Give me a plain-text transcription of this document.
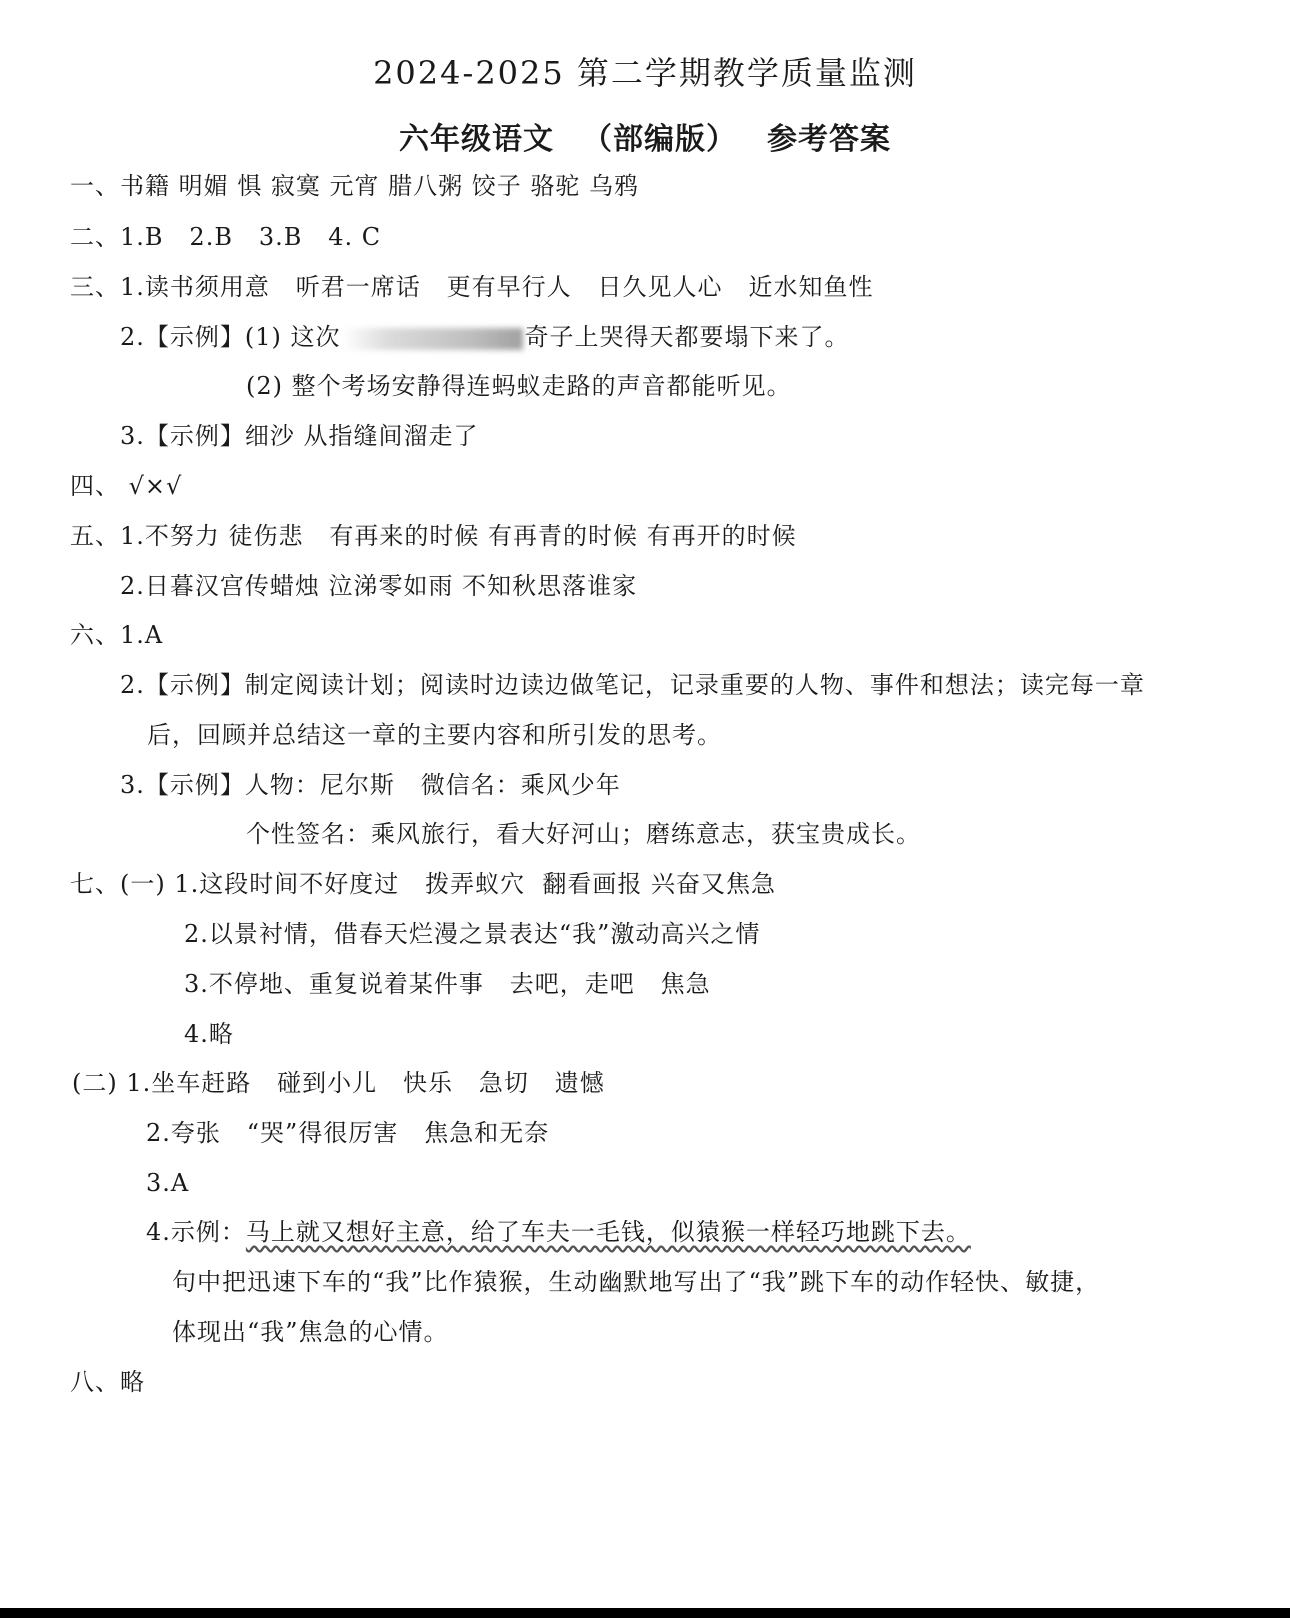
2024-2025 第二学期教学质量监测
六年级语文 （部编版） 参考答案
一、书籍 明媚 惧 寂寞 元宵 腊八粥 饺子 骆驼 乌鸦
二、1.B   2.B   3.B   4. C
三、1.读书须用意   听君一席话   更有早行人   日久见人心   近水知鱼性
2.【示例】(1) 这次	奇子上哭得天都要塌下来了。
(2) 整个考场安静得连蚂蚁走路的声音都能听见。
3.【示例】细沙 从指缝间溜走了
四、 √×√
五、1.不努力 徒伤悲   有再来的时候 有再青的时候 有再开的时候
2.日暮汉宫传蜡烛 泣涕零如雨 不知秋思落谁家
六、1.A
2.【示例】制定阅读计划；阅读时边读边做笔记，记录重要的人物、事件和想法；读完每一章
后，回顾并总结这一章的主要内容和所引发的思考。
3.【示例】人物：尼尔斯   微信名：乘风少年
个性签名：乘风旅行，看大好河山；磨练意志，获宝贵成长。
七、(一) 1.这段时间不好度过   拨弄蚁穴  翻看画报 兴奋又焦急
2.以景衬情，借春天烂漫之景表达“我”激动高兴之情
3.不停地、重复说着某件事   去吧，走吧   焦急
4.略
(二) 1.坐车赶路   碰到小儿   快乐   急切   遗憾
2.夸张   “哭”得很厉害   焦急和无奈
3.A
4.示例：马上就又想好主意，给了车夫一毛钱，似猿猴一样轻巧地跳下去。
句中把迅速下车的“我”比作猿猴，生动幽默地写出了“我”跳下车的动作轻快、敏捷，
体现出“我”焦急的心情。
八、略
